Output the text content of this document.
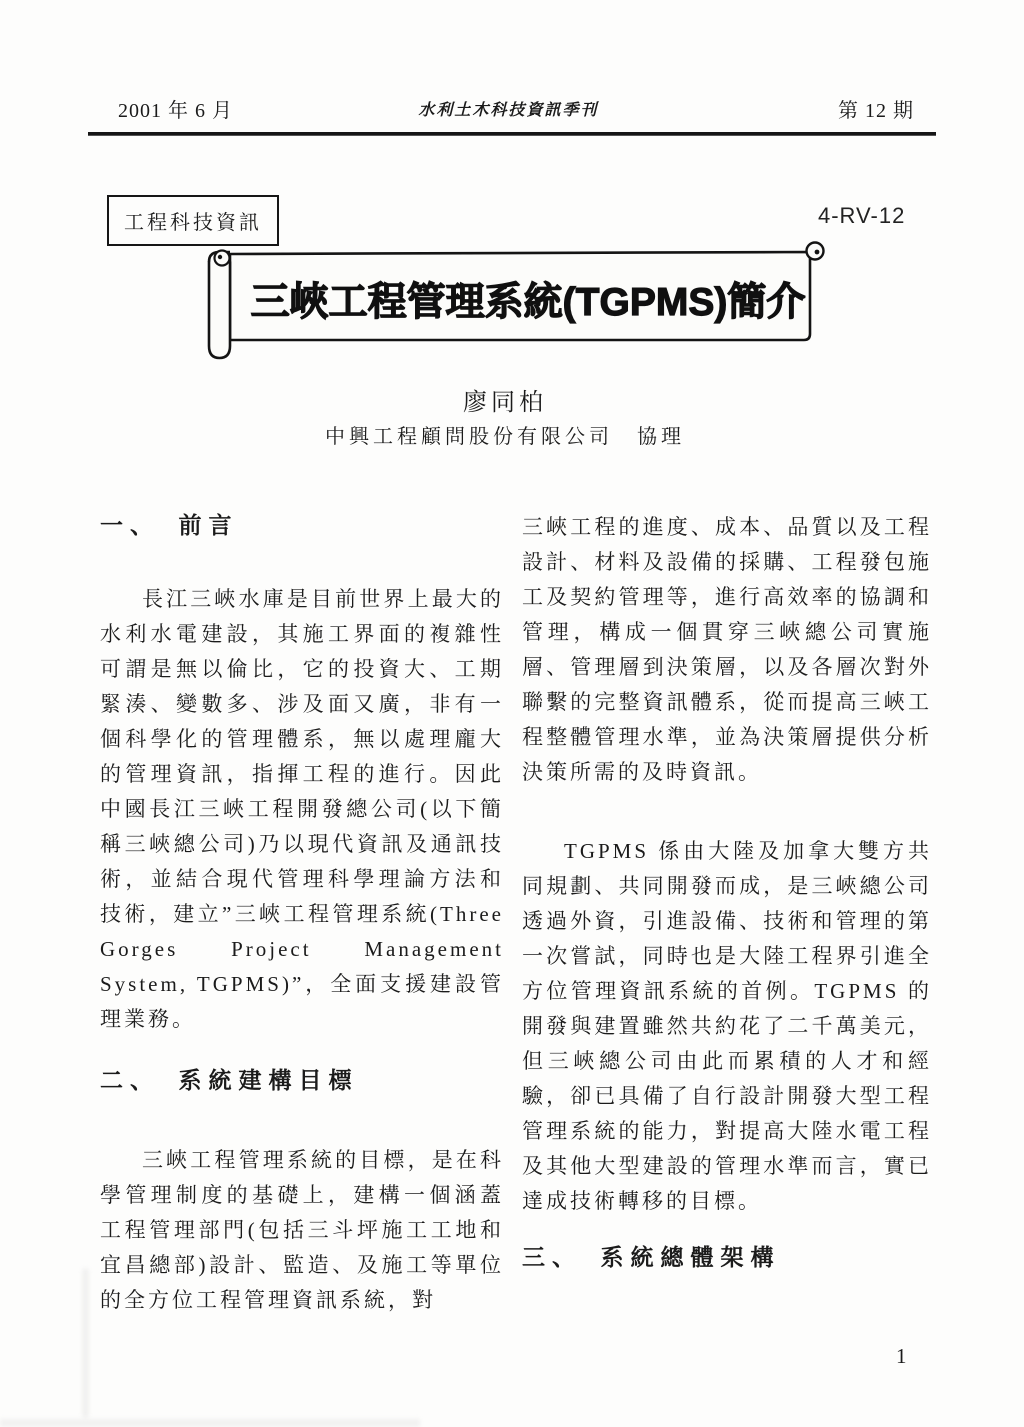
2001 年 6 月	水利土木科技資訊季刊	第 12 期
工程科技資訊	4-RV-12
三峽工程管理系統(TGPMS)簡介
廖同柏
中興工程顧問股份有限公司　協理
一、　前言

長江三峽水庫是目前世界上最大的水利水電建設，其施工界面的複雜性可謂是無以倫比，它的投資大、工期緊湊、變數多、涉及面又廣，非有一個科學化的管理體系，無以處理龐大的管理資訊，指揮工程的進行。因此中國長江三峽工程開發總公司(以下簡稱三峽總公司)乃以現代資訊及通訊技術，並結合現代管理科學理論方法和技術，建立”三峽工程管理系統(Three Gorges Project Management System, TGPMS)”，全面支援建設管理業務。

二、　系統建構目標

三峽工程管理系統的目標，是在科學管理制度的基礎上，建構一個涵蓋工程管理部門(包括三斗坪施工工地和宜昌總部)設計、監造、及施工等單位的全方位工程管理資訊系統，對

三峽工程的進度、成本、品質以及工程設計、材料及設備的採購、工程發包施工及契約管理等，進行高效率的協調和管理，構成一個貫穿三峽總公司實施層、管理層到決策層，以及各層次對外聯繫的完整資訊體系，從而提高三峽工程整體管理水準，並為決策層提供分析決策所需的及時資訊。

TGPMS 係由大陸及加拿大雙方共同規劃、共同開發而成，是三峽總公司透過外資，引進設備、技術和管理的第一次嘗試，同時也是大陸工程界引進全方位管理資訊系統的首例。TGPMS 的開發與建置雖然共約花了二千萬美元，但三峽總公司由此而累積的人才和經驗，卻已具備了自行設計開發大型工程管理系統的能力，對提高大陸水電工程及其他大型建設的管理水準而言，實已達成技術轉移的目標。

三、　系統總體架構
1
